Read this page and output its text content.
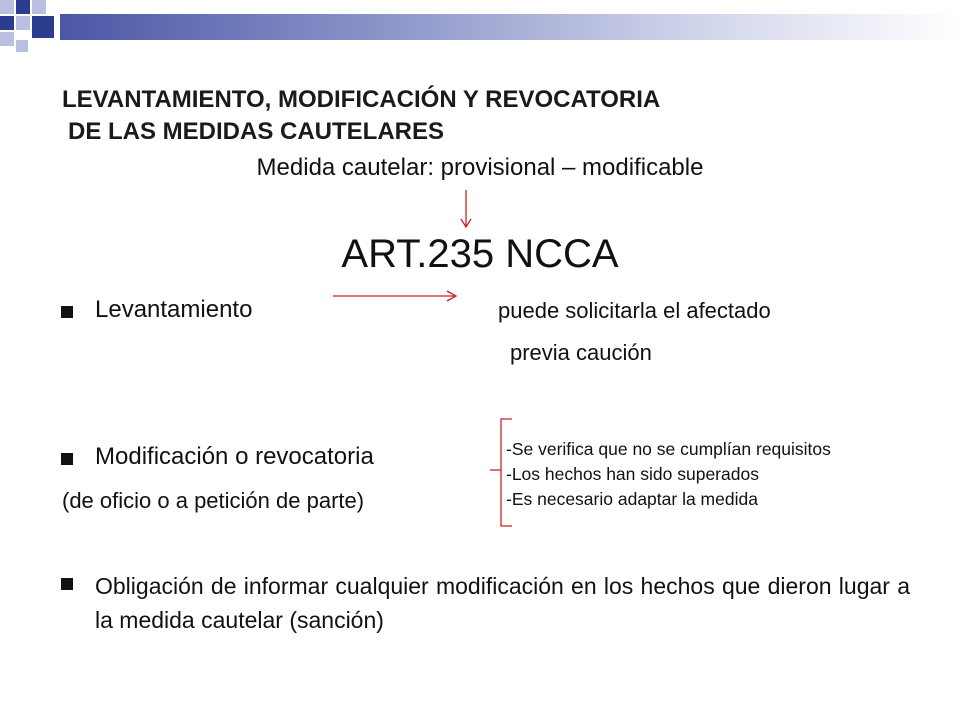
LEVANTAMIENTO, MODIFICACIÓN Y REVOCATORIA
DE LAS MEDIDAS CAUTELARES
Medida cautelar: provisional – modificable
ART.235 NCCA
Levantamiento	puede solicitarla el afectado
previa caución
Modificación o revocatoria
(de oficio o a petición de parte)
-Se verifica que no se cumplían requisitos
-Los hechos han sido superados
-Es necesario adaptar la medida
Obligación de informar cualquier modificación en los hechos que dieron lugar a la medida cautelar (sanción)
